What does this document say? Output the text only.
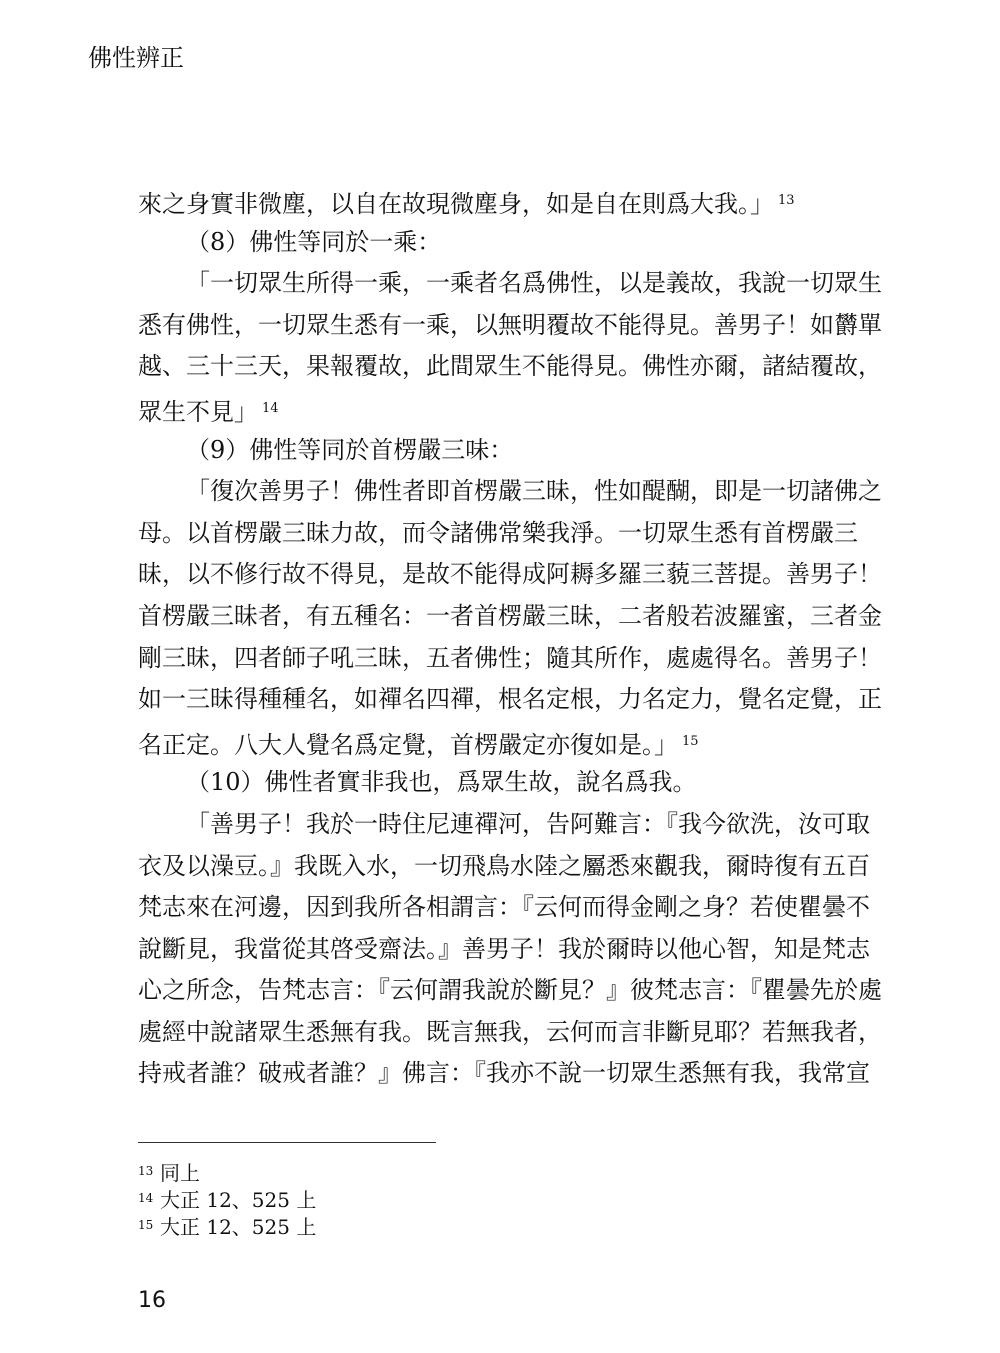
佛性辨正
來之身實非微塵，以自在故現微塵身，如是自在則爲大我。」 $^{13}$
（8）佛性等同於一乘：
「一切眾生所得一乘，一乘者名爲佛性，以是義故，我說一切眾生
悉有佛性，一切眾生悉有一乘，以無明覆故不能得見。善男子！如欝單
越、三十三天，果報覆故，此間眾生不能得見。佛性亦爾，諸結覆故，
眾生不見」 $^{14}$
（9）佛性等同於首楞嚴三味：
「復次善男子！佛性者即首楞嚴三昧，性如醍醐，即是一切諸佛之
母。以首楞嚴三昧力故，而令諸佛常樂我淨。一切眾生悉有首楞嚴三
昧，以不修行故不得見，是故不能得成阿耨多羅三藐三菩提。善男子！
首楞嚴三昧者，有五種名：一者首楞嚴三昧，二者般若波羅蜜，三者金
剛三昧，四者師子吼三昧，五者佛性；隨其所作，處處得名。善男子！
如一三昧得種種名，如禪名四禪，根名定根，力名定力，覺名定覺，正
名正定。八大人覺名爲定覺，首楞嚴定亦復如是。」 $^{15}$
（10）佛性者實非我也，爲眾生故，說名爲我。
「善男子！我於一時住尼連禪河，告阿難言：『我今欲洗，汝可取
衣及以澡豆。』我既入水，一切飛鳥水陸之屬悉來觀我，爾時復有五百
梵志來在河邊，因到我所各相謂言：『云何而得金剛之身？若使瞿曇不
說斷見，我當從其啓受齋法。』善男子！我於爾時以他心智，知是梵志
心之所念，告梵志言：『云何謂我說於斷見？』彼梵志言：『瞿曇先於處
處經中說諸眾生悉無有我。既言無我，云何而言非斷見耶？若無我者，
持戒者誰？破戒者誰？』佛言：『我亦不說一切眾生悉無有我，我常宣
13 同上
14 大正 12、525 上
15 大正 12、525 上
16
